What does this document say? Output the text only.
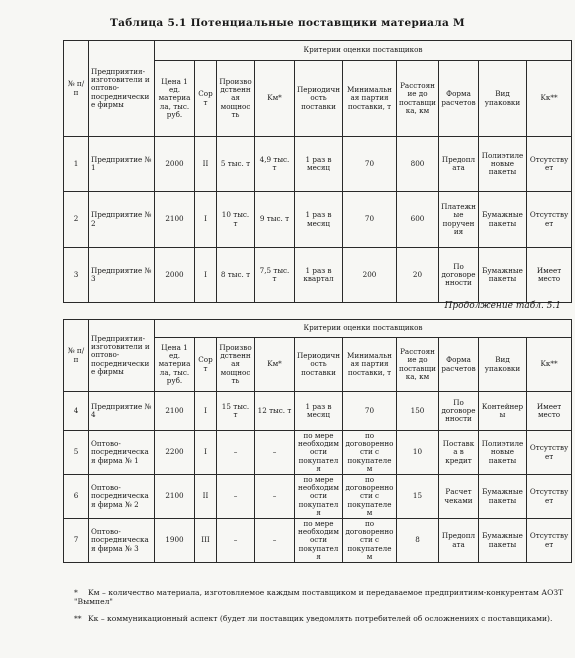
Таблица 5.1 Потенциальные поставщики материала М
№ п/п	Предприятия-изготовители и оптово-посреднические фирмы	Критерии оценки поставщиков									
		Цена 1 ед. материала, тыс. руб.	Сорт	Производственная мощность	Kм*	Периодичность поставки	Минимальная партия поставки, т	Расстояние до поставщика, км	Форма расчетов	Вид упаковки	Kк**
1	Предприятие № 1	2000	II	5 тыс. т	4,9 тыс. т	1 раз в месяц	70	800	Предоплата	Полиэтиленовые пакеты	Отсутствует
2	Предприятие № 2	2100	I	10 тыс. т	9 тыс. т	1 раз в месяц	70	600	Платежные поручения	Бумажные пакеты	Отсутствует
3	Предприятие № 3	2000	I	8 тыс. т	7,5 тыс. т	1 раз в квартал	200	20	По договоренности	Бумажные пакеты	Имеет место
Продолжение табл. 5.1
№ п/п	Предприятия-изготовители и оптово-посреднические фирмы	Критерии оценки поставщиков									
		Цена 1 ед. материала, тыс. руб.	Сорт	Производственная мощность	Kм*	Периодичность поставки	Минимальная партия поставки, т	Расстояние до поставщика, км	Форма расчетов	Вид упаковки	Kк**
4	Предприятие № 4	2100	I	15 тыс. т	12 тыс. т	1 раз в месяц	70	150	По договоренности	Контейнеры	Имеет место
5	Оптово-посредническая фирма № 1	2200	I	–	–	по мере необходимости покупателя	по договоренности с покупателем	10	Поставка в кредит	Полиэтиленовые пакеты	Отсутствует
6	Оптово-посредническая фирма № 2	2100	II	–	–	по мере необходимости покупателя	по договоренности с покупателем	15	Расчет чеками	Бумажные пакеты	Отсутствует
7	Оптово-посредническая фирма № 3	1900	III	–	–	по мере необходимости покупателя	по договоренности с покупателем	8	Предоплата	Бумажные пакеты	Отсутствует
* Kм – количество материала, изготовляемое каждым поставщиком и передаваемое предприятиям-конкурентам АОЗТ "Вымпел"
** Kк – коммуникационный аспект (будет ли поставщик уведомлять потребителей об осложнениях с поставщиками).
